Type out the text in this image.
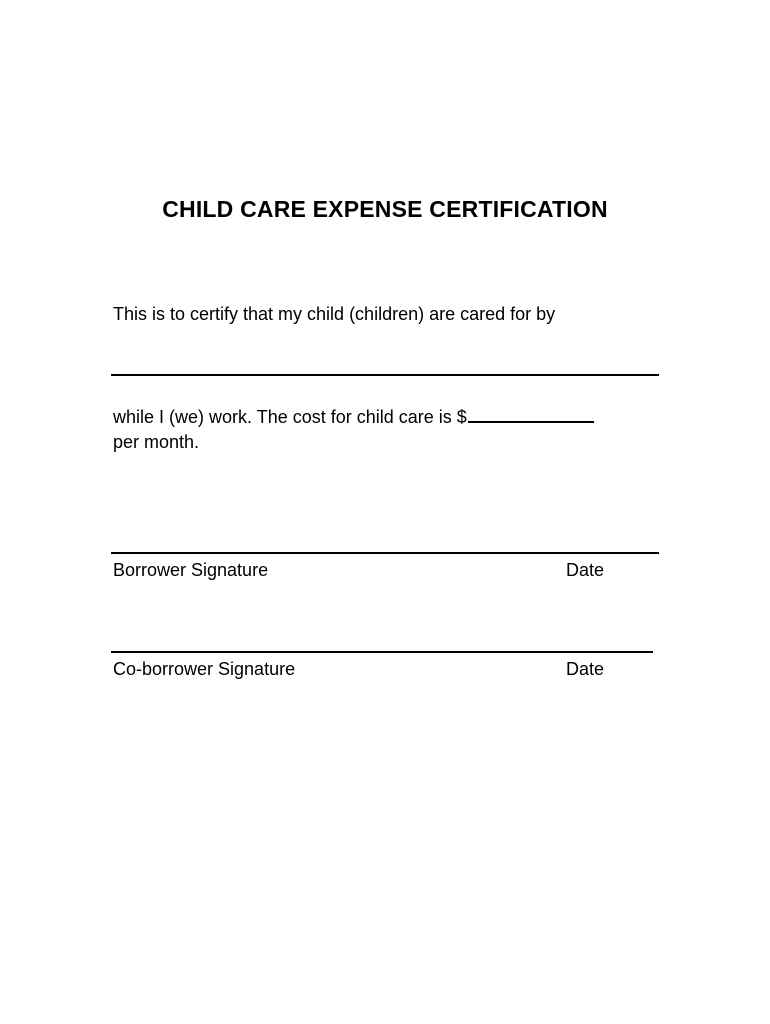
CHILD CARE EXPENSE CERTIFICATION

This is to certify that my child (children) are cared for by

while I (we) work. The cost for child care is $

per month.

Borrower Signature	Date

Co-borrower Signature	Date
